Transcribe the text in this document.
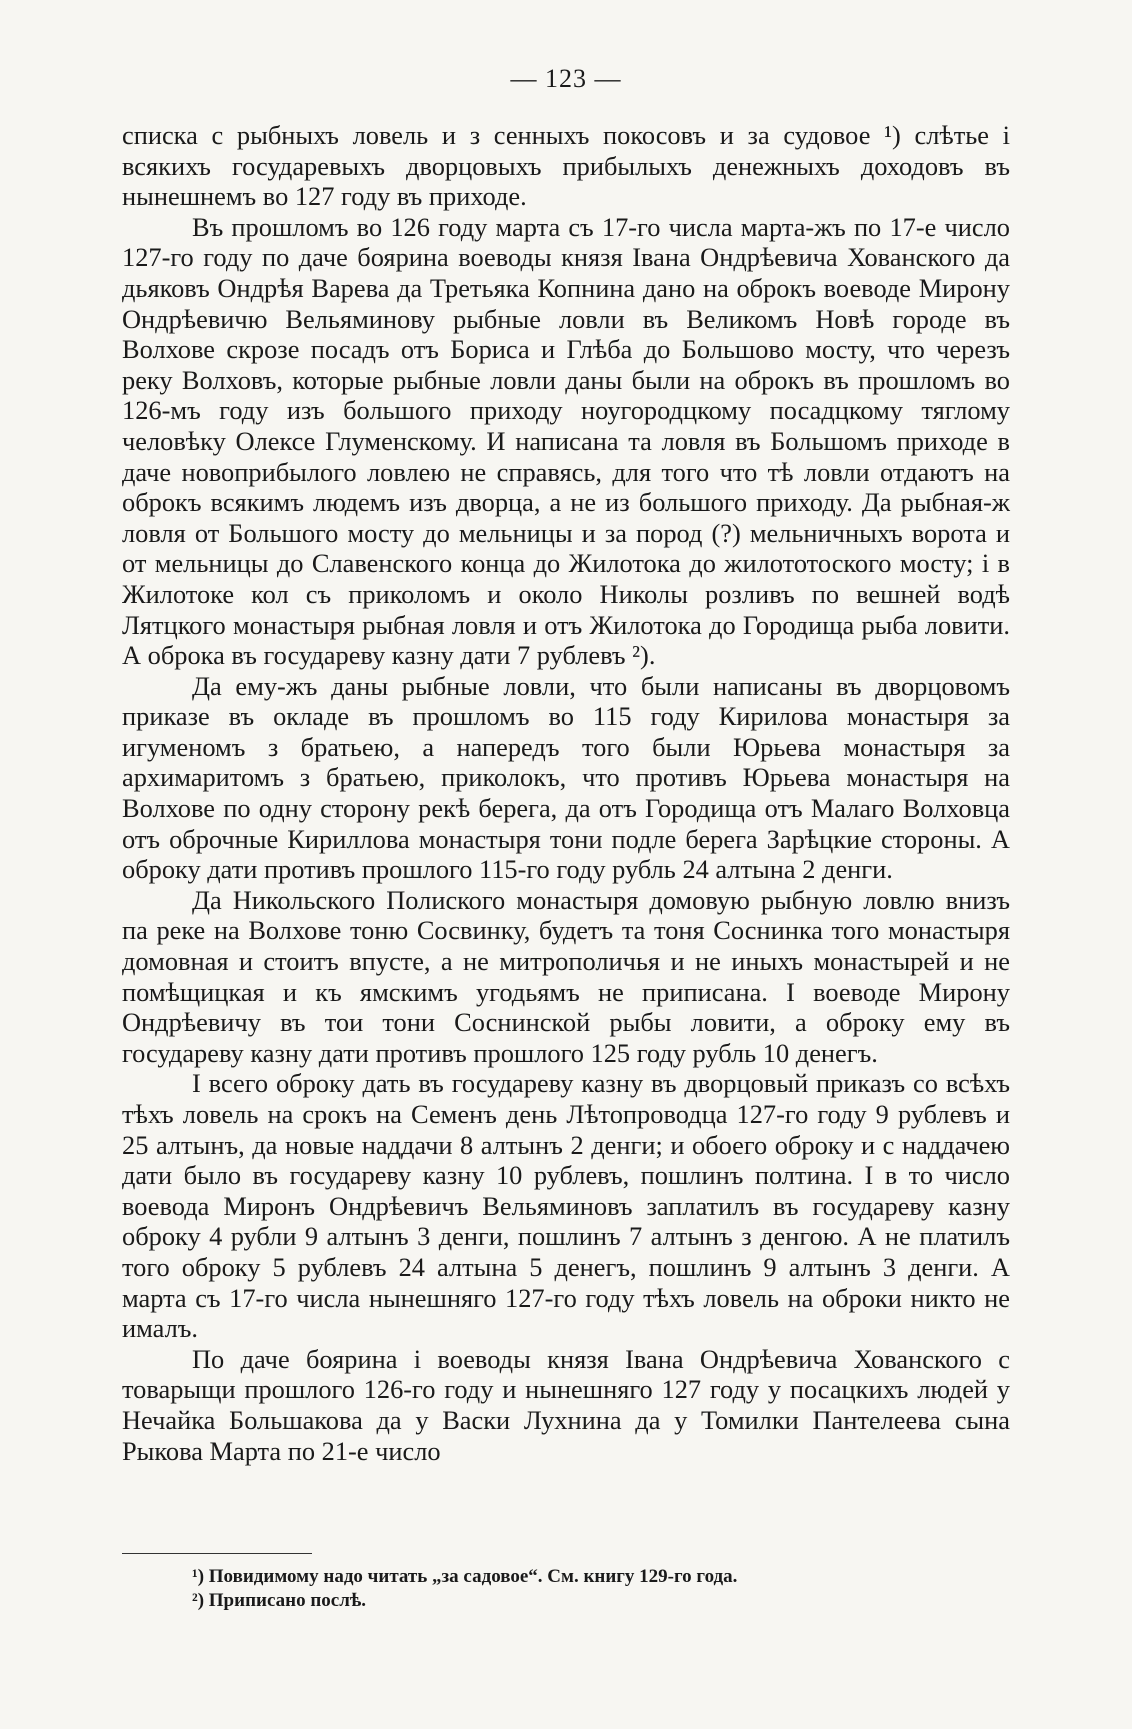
— 123 —

списка с рыбныхъ ловель и з сенныхъ покосовъ и за судовое ¹) слѣтье і всякихъ государевыхъ дворцовыхъ прибылыхъ денежныхъ доходовъ въ нынешнемъ во 127 году въ приходе.

Въ прошломъ во 126 году марта съ 17-го числа марта-жъ по 17-е число 127-го году по даче боярина воеводы князя Івана Ондрѣевича Хованского да дьяковъ Ондрѣя Варева да Третьяка Копнина дано на оброкъ воеводе Мирону Ондрѣевичю Вельяминову рыбные ловли въ Великомъ Новѣ городе въ Волхове скрозе посадъ отъ Бориса и Глѣба до Большово мосту, что черезъ реку Волховъ, которые рыбные ловли даны были на оброкъ въ прошломъ во 126-мъ году изъ большого приходу ноугородцкому посадцкому тяглому человѣку Олексе Глуменскому. И написана та ловля въ Большомъ приходе в даче новоприбылого ловлею не справясь, для того что тѣ ловли отдаютъ на оброкъ всякимъ людемъ изъ дворца, а не из большого приходу. Да рыбная-ж ловля от Большого мосту до мельницы и за пород (?) мельничныхъ ворота и от мельницы до Славенского конца до Жилотока до жилототоского мосту; і в Жилотоке кол съ приколомъ и около Николы розливъ по вешней водѣ Лятцкого монастыря рыбная ловля и отъ Жилотока до Городища рыба ловити. А оброка въ государеву казну дати 7 рублевъ ²).

Да ему-жъ даны рыбные ловли, что были написаны въ дворцовомъ приказе въ окладе въ прошломъ во 115 году Кирилова монастыря за игуменомъ з братьею, а напередъ того были Юрьева монастыря за архимаритомъ з братьею, приколокъ, что противъ Юрьева монастыря на Волхове по одну сторону рекѣ берега, да отъ Городища отъ Малаго Волховца отъ оброчные Кириллова монастыря тони подле берега Зарѣцкие стороны. А оброку дати противъ прошлого 115-го году рубль 24 алтына 2 денги.

Да Никольского Полиского монастыря домовую рыбную ловлю внизъ па реке на Волхове тоню Сосвинку, будетъ та тоня Соснинка того монастыря домовная и стоитъ впусте, а не митрополичья и не иныхъ монастырей и не помѣщицкая и къ ямскимъ угодьямъ не приписана. І воеводе Мирону Ондрѣевичу въ тои тони Соснинской рыбы ловити, а оброку ему въ государеву казну дати противъ прошлого 125 году рубль 10 денегъ.

І всего оброку дать въ государеву казну въ дворцовый приказъ со всѣхъ тѣхъ ловель на срокъ на Семенъ день Лѣтопроводца 127-го году 9 рублевъ и 25 алтынъ, да новые наддачи 8 алтынъ 2 денги; и обоего оброку и с наддачею дати было въ государеву казну 10 рублевъ, пошлинъ полтина. І в то число воевода Миронъ Ондрѣевичъ Вельяминовъ заплатилъ въ государеву казну оброку 4 рубли 9 алтынъ 3 денги, пошлинъ 7 алтынъ з денгою. А не платилъ того оброку 5 рублевъ 24 алтына 5 денегъ, пошлинъ 9 алтынъ 3 денги. А марта съ 17-го числа нынешняго 127-го году тѣхъ ловель на оброки никто не ималъ.

По даче боярина і воеводы князя Івана Ондрѣевича Хованского с товарыщи прошлого 126-го году и нынешняго 127 году у посацкихъ людей у Нечайка Большакова да у Васки Лухнина да у Томилки Пантелеева сына Рыкова Марта по 21-е число

¹) Повидимому надо читать „за садовое“. См. книгу 129-го года.

²) Приписано послѣ.
